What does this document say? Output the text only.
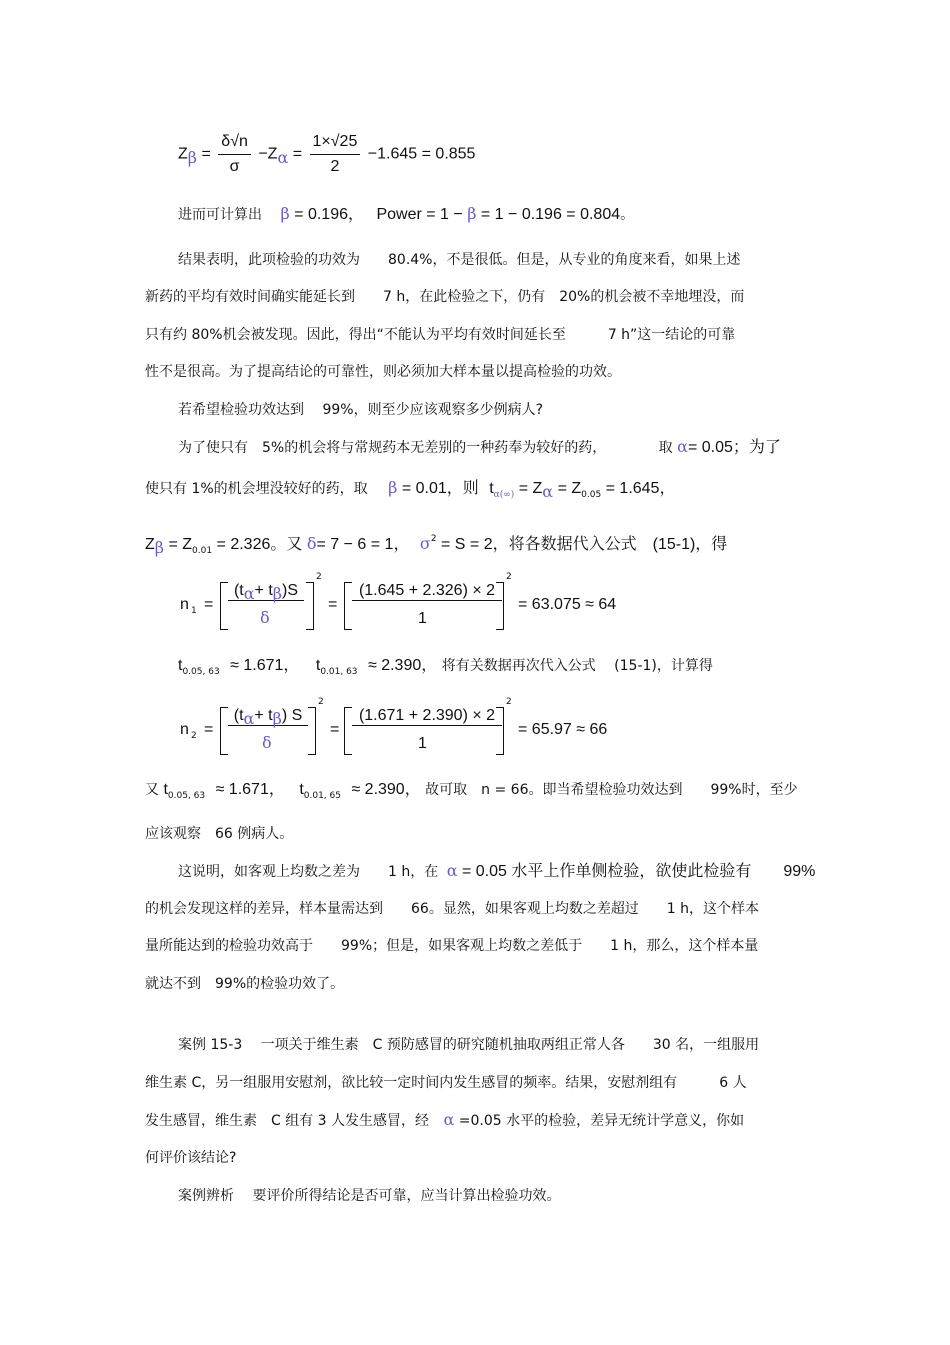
$Z\beta = \frac{\delta√n}{\sigma} -Z\alpha = \frac{1\times√25}{2} -1.645 = 0.855$
进而可计算出 β = 0.196， Power = 1 − β = 1 − 0.196 = 0.804。
结果表明，此项检验的功效为　　80.4%，不是很低。但是，从专业的角度来看，如果上述
新药的平均有效时间确实能延长到　　7 h，在此检验之下，仍有　20%的机会被不幸地埋没，而
只有约 80%机会被发现。因此，得出“不能认为平均有效时间延长至　　　7 h”这一结论的可靠
性不是很高。为了提高结论的可靠性，则必须加大样本量以提高检验的功效。
若希望检验功效达到　 99%，则至少应该观察多少例病人?
为了使只有　5%的机会将与常规药本无差别的一种药奉为较好的药，	取 α= 0.05；为了
使只有 1%的机会埋没较好的药，取 β = 0.01，则 $t_{\alpha(\infty)} = Z\alpha = Z_{0.05} = 1.645$，
$Z\beta = Z_{0.01} = 2.326$。又 δ= 7 − 6 = 1， $\sigma^2 = S = 2$，将各数据代入公式　(15-1)，得
n 1 =
(tα+ tβ)S
δ
2
=
(1.645 + 2.326) × 2
1
2
= 63.075 ≈ 64
$t_{0.05, 63} \approx 1.671$， $t_{0.01, 63} \approx 2.390$， 将有关数据再次代入公式　 (15-1)，计算得
n 2 =
(tα+ tβ) S
δ
2
=
(1.671 + 2.390) × 2
1
2
= 65.97 ≈ 66
又 $t_{0.05, 63} \approx 1.671$， $t_{0.01, 65} \approx 2.390$， 故可取　n = 66。即当希望检验功效达到　　99%时，至少
应该观察　66 例病人。
这说明，如客观上均数之差为　　1 h，在 α = 0.05 水平上作单侧检验，欲使此检验有　　99%
的机会发现这样的差异，样本量需达到　　66。显然，如果客观上均数之差超过　　1 h，这个样本
量所能达到的检验功效高于　　99%；但是，如果客观上均数之差低于　　1 h，那么，这个样本量
就达不到　99%的检验功效了。
案例 15-3　 一项关于维生素　C 预防感冒的研究随机抽取两组正常人各　　30 名，一组服用
维生素 C，另一组服用安慰剂，欲比较一定时间内发生感冒的频率。结果，安慰剂组有　　　6 人
发生感冒，维生素　C 组有 3 人发生感冒，经 α =0.05 水平的检验，差异无统计学意义，你如
何评价该结论?
案例辨析　 要评价所得结论是否可靠，应当计算出检验功效。
